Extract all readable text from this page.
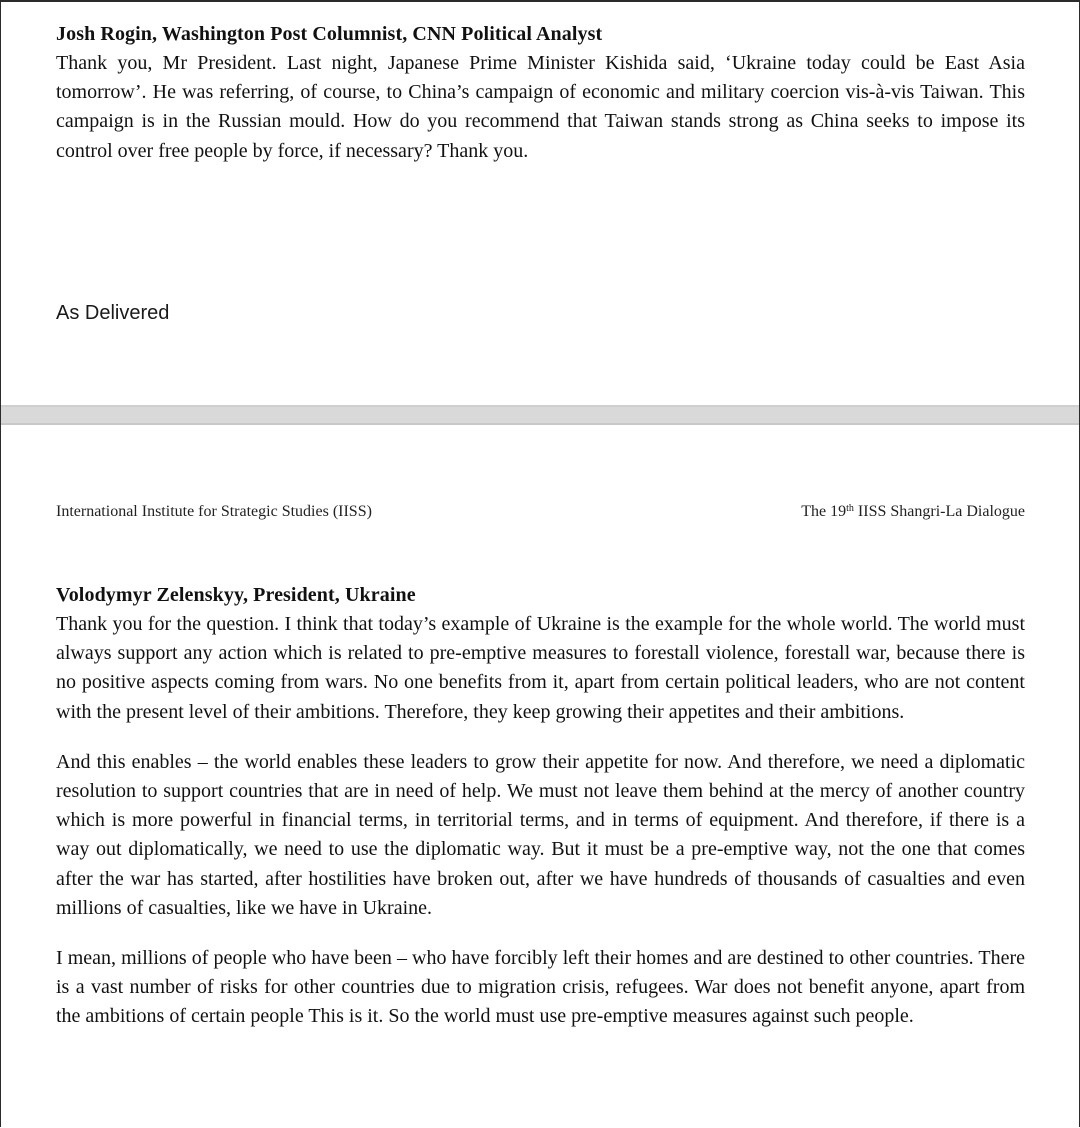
Josh Rogin, Washington Post Columnist, CNN Political Analyst

Thank you, Mr President. Last night, Japanese Prime Minister Kishida said, ‘Ukraine today could be East Asia tomorrow’. He was referring, of course, to China’s campaign of economic and military coercion vis-à-vis Taiwan. This campaign is in the Russian mould. How do you recommend that Taiwan stands strong as China seeks to impose its control over free people by force, if necessary? Thank you.

As Delivered
International Institute for Strategic Studies (IISS)	The 19th IISS Shangri-La Dialogue

Volodymyr Zelenskyy, President, Ukraine

Thank you for the question. I think that today’s example of Ukraine is the example for the whole world. The world must always support any action which is related to pre-emptive measures to forestall violence, forestall war, because there is no positive aspects coming from wars. No one benefits from it, apart from certain political leaders, who are not content with the present level of their ambitions. Therefore, they keep growing their appetites and their ambitions.

And this enables – the world enables these leaders to grow their appetite for now. And therefore, we need a diplomatic resolution to support countries that are in need of help. We must not leave them behind at the mercy of another country which is more powerful in financial terms, in territorial terms, and in terms of equipment. And therefore, if there is a way out diplomatically, we need to use the diplomatic way. But it must be a pre-emptive way, not the one that comes after the war has started, after hostilities have broken out, after we have hundreds of thousands of casualties and even millions of casualties, like we have in Ukraine.

I mean, millions of people who have been – who have forcibly left their homes and are destined to other countries. There is a vast number of risks for other countries due to migration crisis, refugees. War does not benefit anyone, apart from the ambitions of certain people This is it. So the world must use pre-emptive measures against such people.
